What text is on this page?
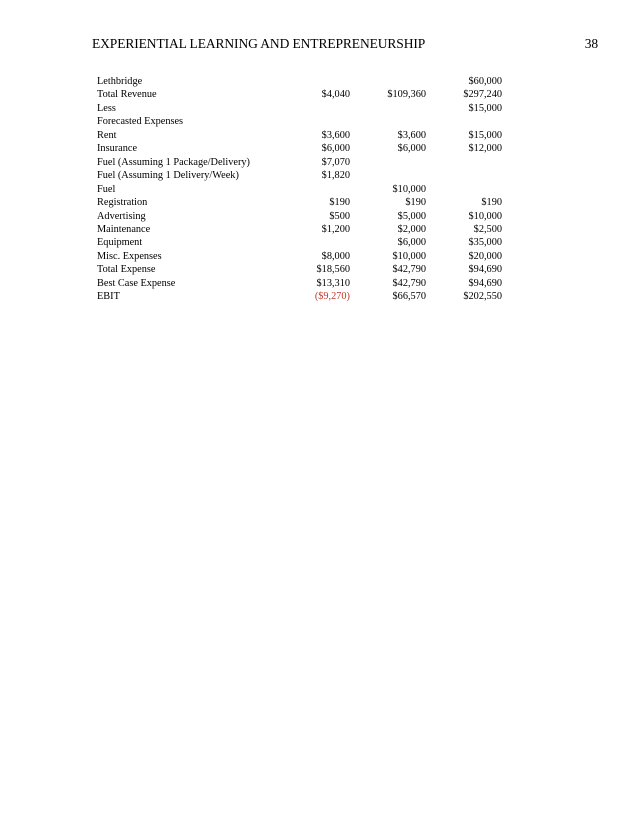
EXPERIENTIAL LEARNING AND ENTREPRENEURSHIP	38
Lethbridge			$60,000
Total Revenue	$4,040	$109,360	$297,240
Less			$15,000
Forecasted Expenses			
Rent	$3,600	$3,600	$15,000
Insurance	$6,000	$6,000	$12,000
Fuel (Assuming 1 Package/Delivery)	$7,070		
Fuel (Assuming 1 Delivery/Week)	$1,820		
Fuel		$10,000	
Registration	$190	$190	$190
Advertising	$500	$5,000	$10,000
Maintenance	$1,200	$2,000	$2,500
Equipment		$6,000	$35,000
Misc. Expenses	$8,000	$10,000	$20,000
Total Expense	$18,560	$42,790	$94,690
Best Case Expense	$13,310	$42,790	$94,690
EBIT	($9,270)	$66,570	$202,550
